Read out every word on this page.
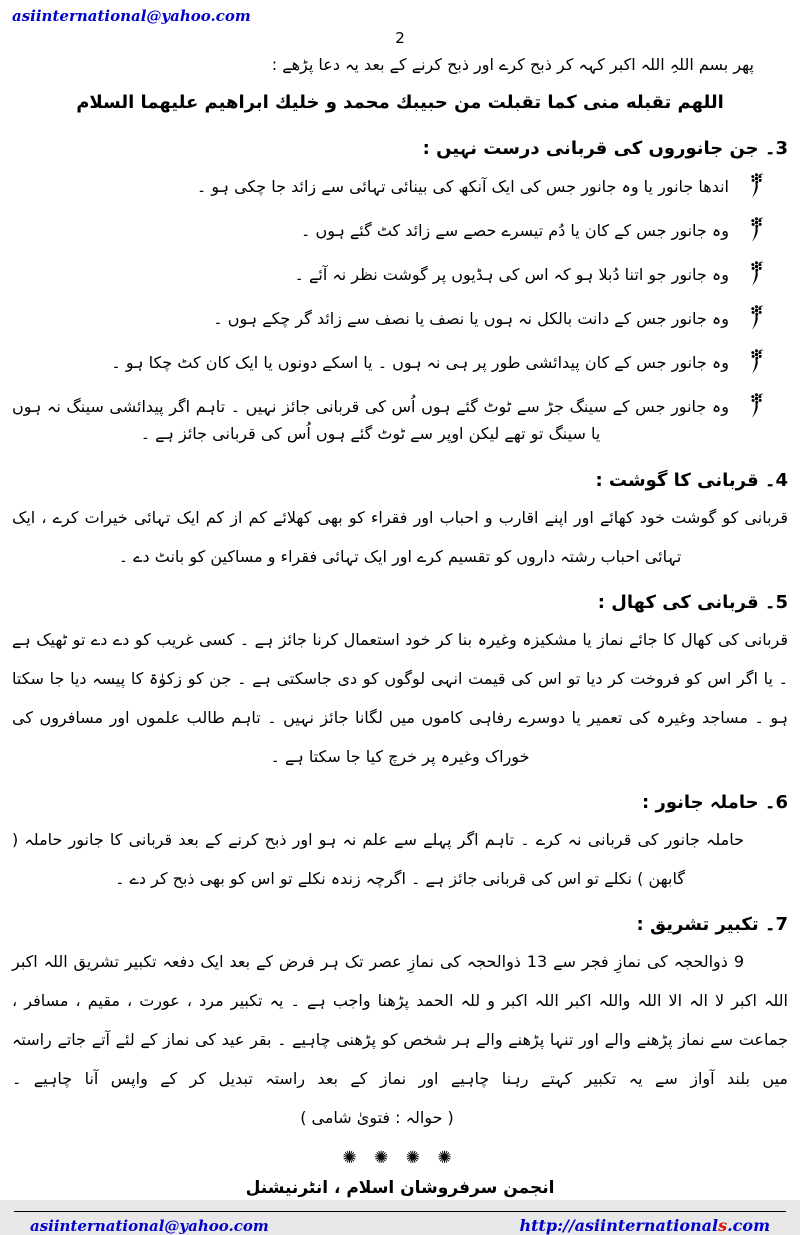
asiinternational@yahoo.com
2
پھر بسم اللہِ اللہ اکبر کہہ کر ذبح کرے اور ذبح کرنے کے بعد یہ دعا پڑھے :
اللهم تقبله منى كما تقبلت من حبيبك محمد و خليك ابراهيم عليهما السلام
3۔ جن جانوروں کی قربانی درست نہیں :
اندھا جانور یا وہ جانور جس کی ایک آنکھ کی بینائی تہائی سے زائد جا چکی ہو ۔
وہ جانور جس کے کان یا دُم تیسرے حصے سے زائد کٹ گئے ہوں ۔
وہ جانور جو اتنا دُبلا ہو کہ اس کی ہڈیوں پر گوشت نظر نہ آئے ۔
وہ جانور جس کے دانت بالکل نہ ہوں یا نصف یا نصف سے زائد گر چکے ہوں ۔
وہ جانور جس کے کان پیدائشی طور پر ہی نہ ہوں ۔ یا اسکے دونوں یا ایک کان کٹ چکا ہو ۔
وہ جانور جس کے سینگ جڑ سے ٹوٹ گئے ہوں اُس کی قربانی جائز نہیں ۔ تاہم اگر پیدائشی سینگ نہ ہوں یا سینگ تو تھے لیکن اوپر سے ٹوٹ گئے ہوں اُس کی قربانی جائز ہے ۔
4۔ قربانی کا گوشت :

قربانی کو گوشت خود کھائے اور اپنے اقارب و احباب اور فقراء کو بھی کھلائے کم از کم ایک تہائی خیرات کرے ، ایک تہائی احباب رشتہ داروں کو تقسیم کرے اور ایک تہائی فقراء و مساکین کو بانٹ دے ۔

5۔ قربانی کی کھال :

قربانی کی کھال کا جائے نماز یا مشکیزہ وغیرہ بنا کر خود استعمال کرنا جائز ہے ۔ کسی غریب کو دے دے تو ٹھیک ہے ۔ یا اگر اس کو فروخت کر دیا تو اس کی قیمت انہی لوگوں کو دی جاسکتی ہے ۔ جن کو زکوٰۃ کا پیسہ دیا جا سکتا ہو ۔ مساجد وغیرہ کی تعمیر یا دوسرے رفاہی کاموں میں لگانا جائز نہیں ۔ تاہم طالب علموں اور مسافروں کی خوراک وغیرہ پر خرچ کیا جا سکتا ہے ۔

6۔ حاملہ جانور :

حاملہ جانور کی قربانی نہ کرے ۔ تاہم اگر پہلے سے علم نہ ہو اور ذبح کرنے کے بعد قربانی کا جانور حاملہ ( گابھن ) نکلے تو اس کی قربانی جائز ہے ۔ اگرچہ زندہ نکلے تو اس کو بھی ذبح کر دے ۔

7۔ تکبیر تشریق :

9 ذوالحجہ کی نمازِ فجر سے 13 ذوالحجہ کی نمازِ عصر تک ہر فرض کے بعد ایک دفعہ تکبیر تشریق اللہ اکبر اللہ اکبر لا الہ الا اللہ واللہ اکبر اللہ اکبر و للہ الحمد پڑھنا واجب ہے ۔ یہ تکبیر مرد ، عورت ، مقیم ، مسافر ، جماعت سے نماز پڑھنے والے اور تنہا پڑھنے والے ہر شخص کو پڑھنی چاہیے ۔ بقر عید کی نماز کے لئے آتے جاتے راستہ میں بلند آواز سے یہ تکبیر کہتے رہنا چاہیے اور نماز کے بعد راستہ تبدیل کر کے واپس آنا چاہیے ۔( حوالہ : فتویٰ شامی )

✺ ✺ ✺ ✺
انجمن سرفروشان اسلام ، انٹرنیشنل
asiinternational@yahoo.com	http://asiinternationals.com
